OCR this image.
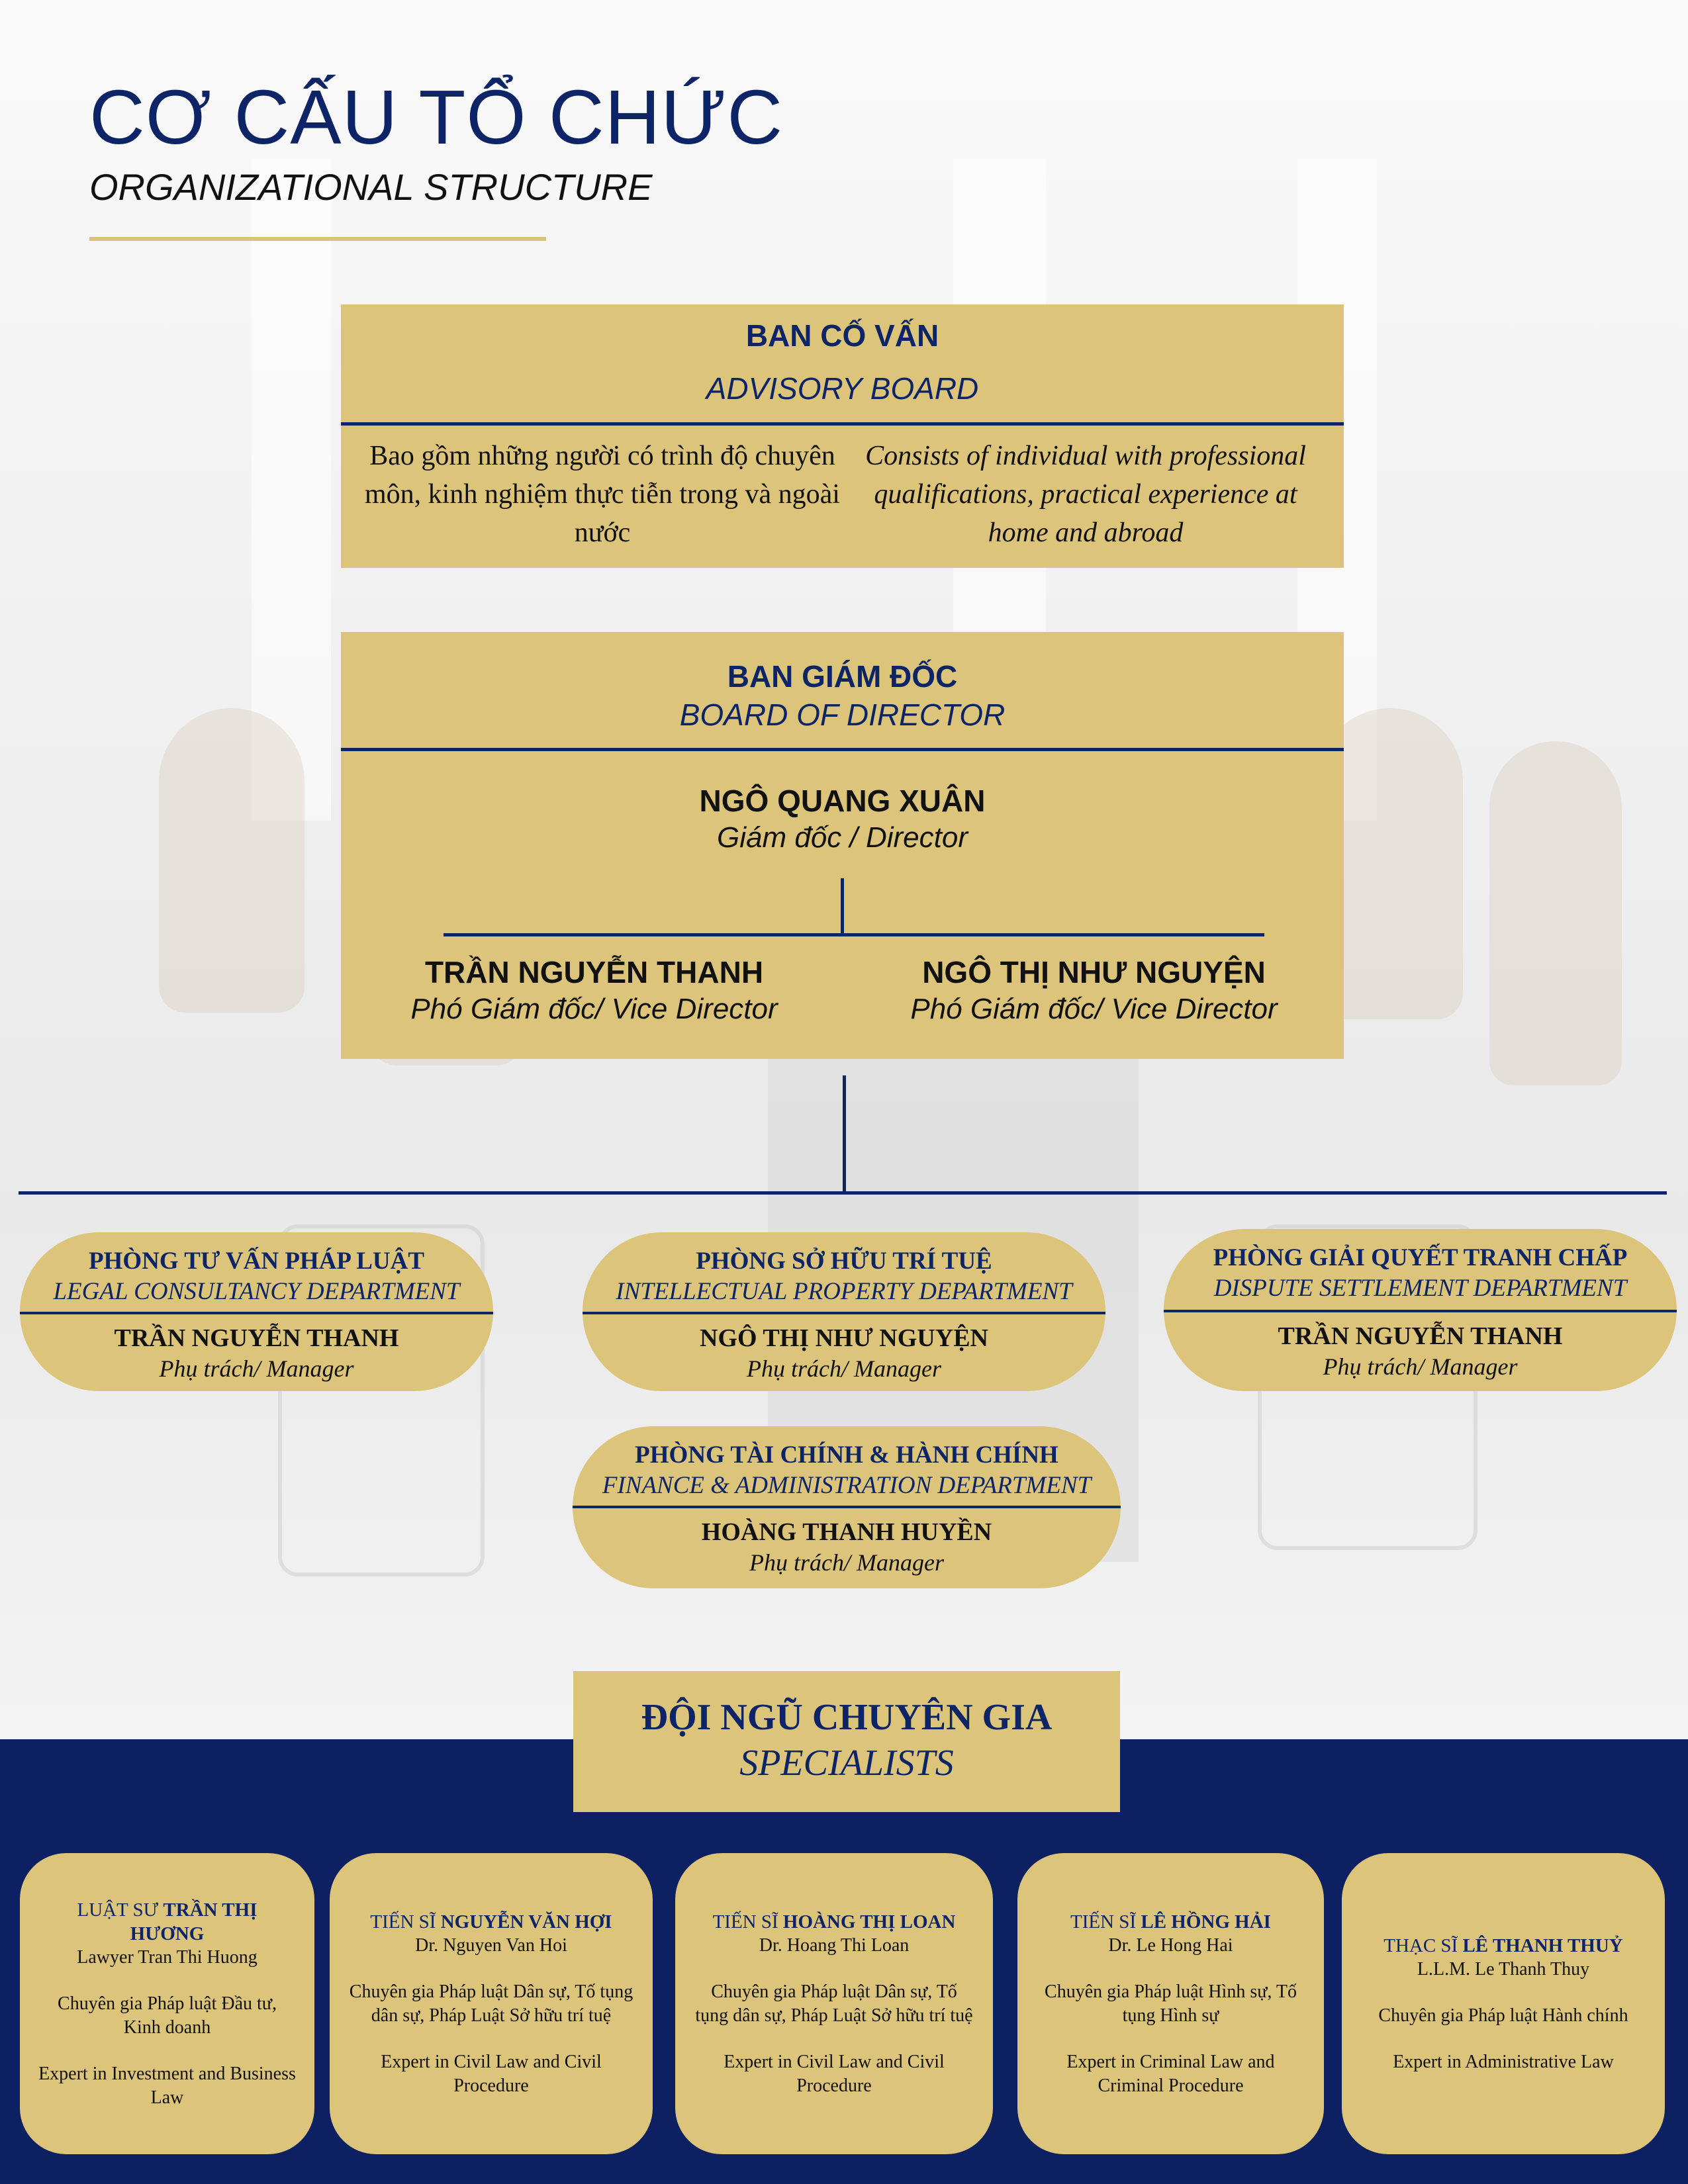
CƠ CẤU TỔ CHỨC
ORGANIZATIONAL STRUCTURE
BAN CỐ VẤN
ADVISORY BOARD
Bao gồm những người có trình độ chuyên môn, kinh nghiệm thực tiễn trong và ngoài nước
Consists of individual with professional qualifications, practical experience at home and abroad
BAN GIÁM ĐỐC
BOARD OF DIRECTOR
NGÔ QUANG XUÂN
Giám đốc / Director
TRẦN NGUYỄN THANH
Phó Giám đốc/ Vice Director
NGÔ THỊ NHƯ NGUYỆN
Phó Giám đốc/ Vice Director
PHÒNG TƯ VẤN PHÁP LUẬT
LEGAL CONSULTANCY DEPARTMENT
TRẦN NGUYỄN THANH
Phụ trách/ Manager
PHÒNG SỞ HỮU TRÍ TUỆ
INTELLECTUAL PROPERTY DEPARTMENT
NGÔ THỊ NHƯ NGUYỆN
Phụ trách/ Manager
PHÒNG GIẢI QUYẾT TRANH CHẤP
DISPUTE SETTLEMENT DEPARTMENT
TRẦN NGUYỄN THANH
Phụ trách/ Manager
PHÒNG TÀI CHÍNH & HÀNH CHÍNH
FINANCE & ADMINISTRATION DEPARTMENT
HOÀNG THANH HUYỀN
Phụ trách/ Manager
ĐỘI NGŨ CHUYÊN GIA
SPECIALISTS
LUẬT SƯ TRẦN THỊ HƯƠNG
Lawyer Tran Thi Huong
Chuyên gia Pháp luật Đầu tư, Kinh doanh
Expert in Investment and Business Law
TIẾN SĨ NGUYỄN VĂN HỢI
Dr. Nguyen Van Hoi
Chuyên gia Pháp luật Dân sự, Tố tụng dân sự, Pháp Luật Sở hữu trí tuệ
Expert in Civil Law and Civil Procedure
TIẾN SĨ HOÀNG THỊ LOAN
Dr. Hoang Thi Loan
Chuyên gia Pháp luật Dân sự, Tố tụng dân sự, Pháp Luật Sở hữu trí tuệ
Expert in Civil Law and Civil Procedure
TIẾN SĨ LÊ HỒNG HẢI
Dr. Le Hong Hai
Chuyên gia Pháp luật Hình sự, Tố tụng Hình sự
Expert in Criminal Law and Criminal Procedure
THẠC SĨ LÊ THANH THUỶ
L.L.M. Le Thanh Thuy
Chuyên gia Pháp luật Hành chính
Expert in Administrative Law
